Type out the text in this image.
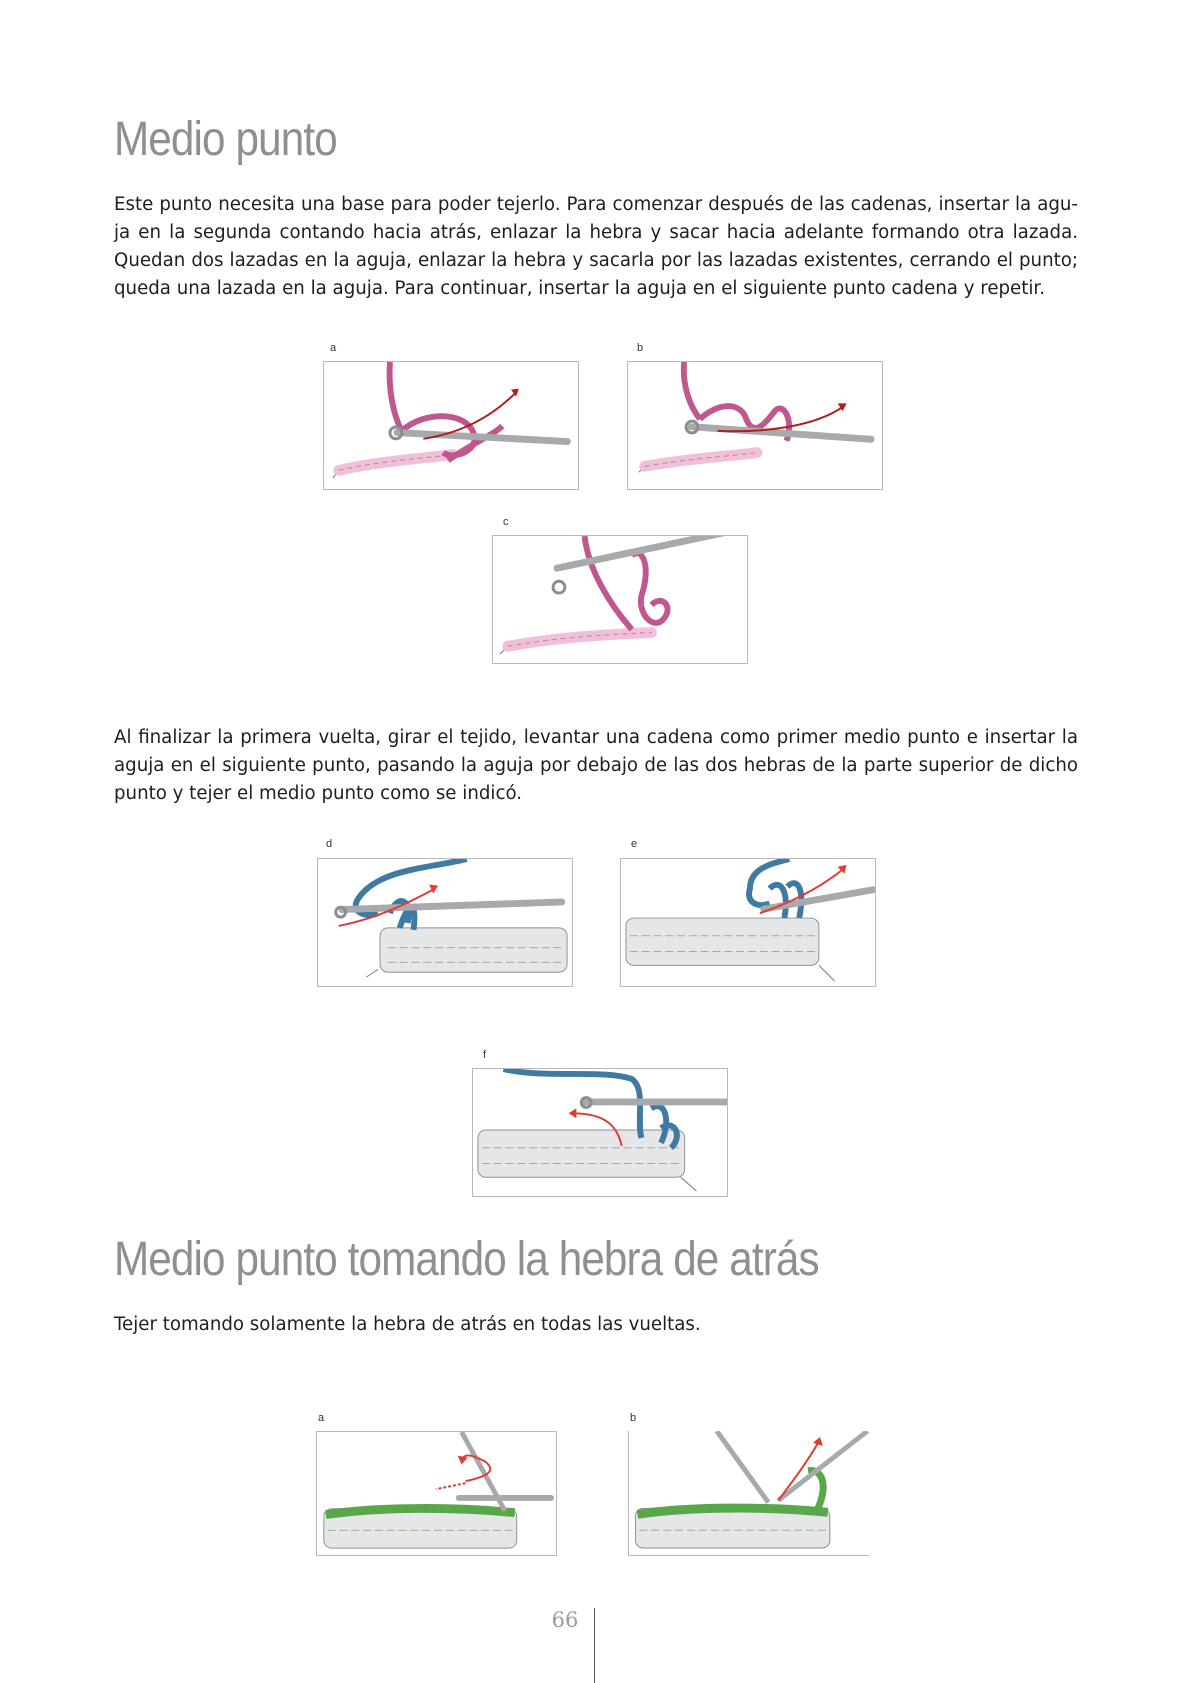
Medio punto

Este punto necesita una base para poder tejerlo. Para comenzar después de las cadenas, insertar la agu- ja en la segunda contando hacia atrás, enlazar la hebra y sacar hacia adelante formando otra lazada. Quedan dos lazadas en la aguja, enlazar la hebra y sacarla por las lazadas existentes, cerrando el punto; queda una lazada en la aguja. Para continuar, insertar la aguja en el siguiente punto cadena y repetir.

a	b
c

Al finalizar la primera vuelta, girar el tejido, levantar una cadena como primer medio punto e insertar la aguja en el siguiente punto, pasando la aguja por debajo de las dos hebras de la parte superior de dicho punto y tejer el medio punto como se indicó.

d	e
f
Medio punto tomando la hebra de atrás

Tejer tomando solamente la hebra de atrás en todas las vueltas.

a	b
66
